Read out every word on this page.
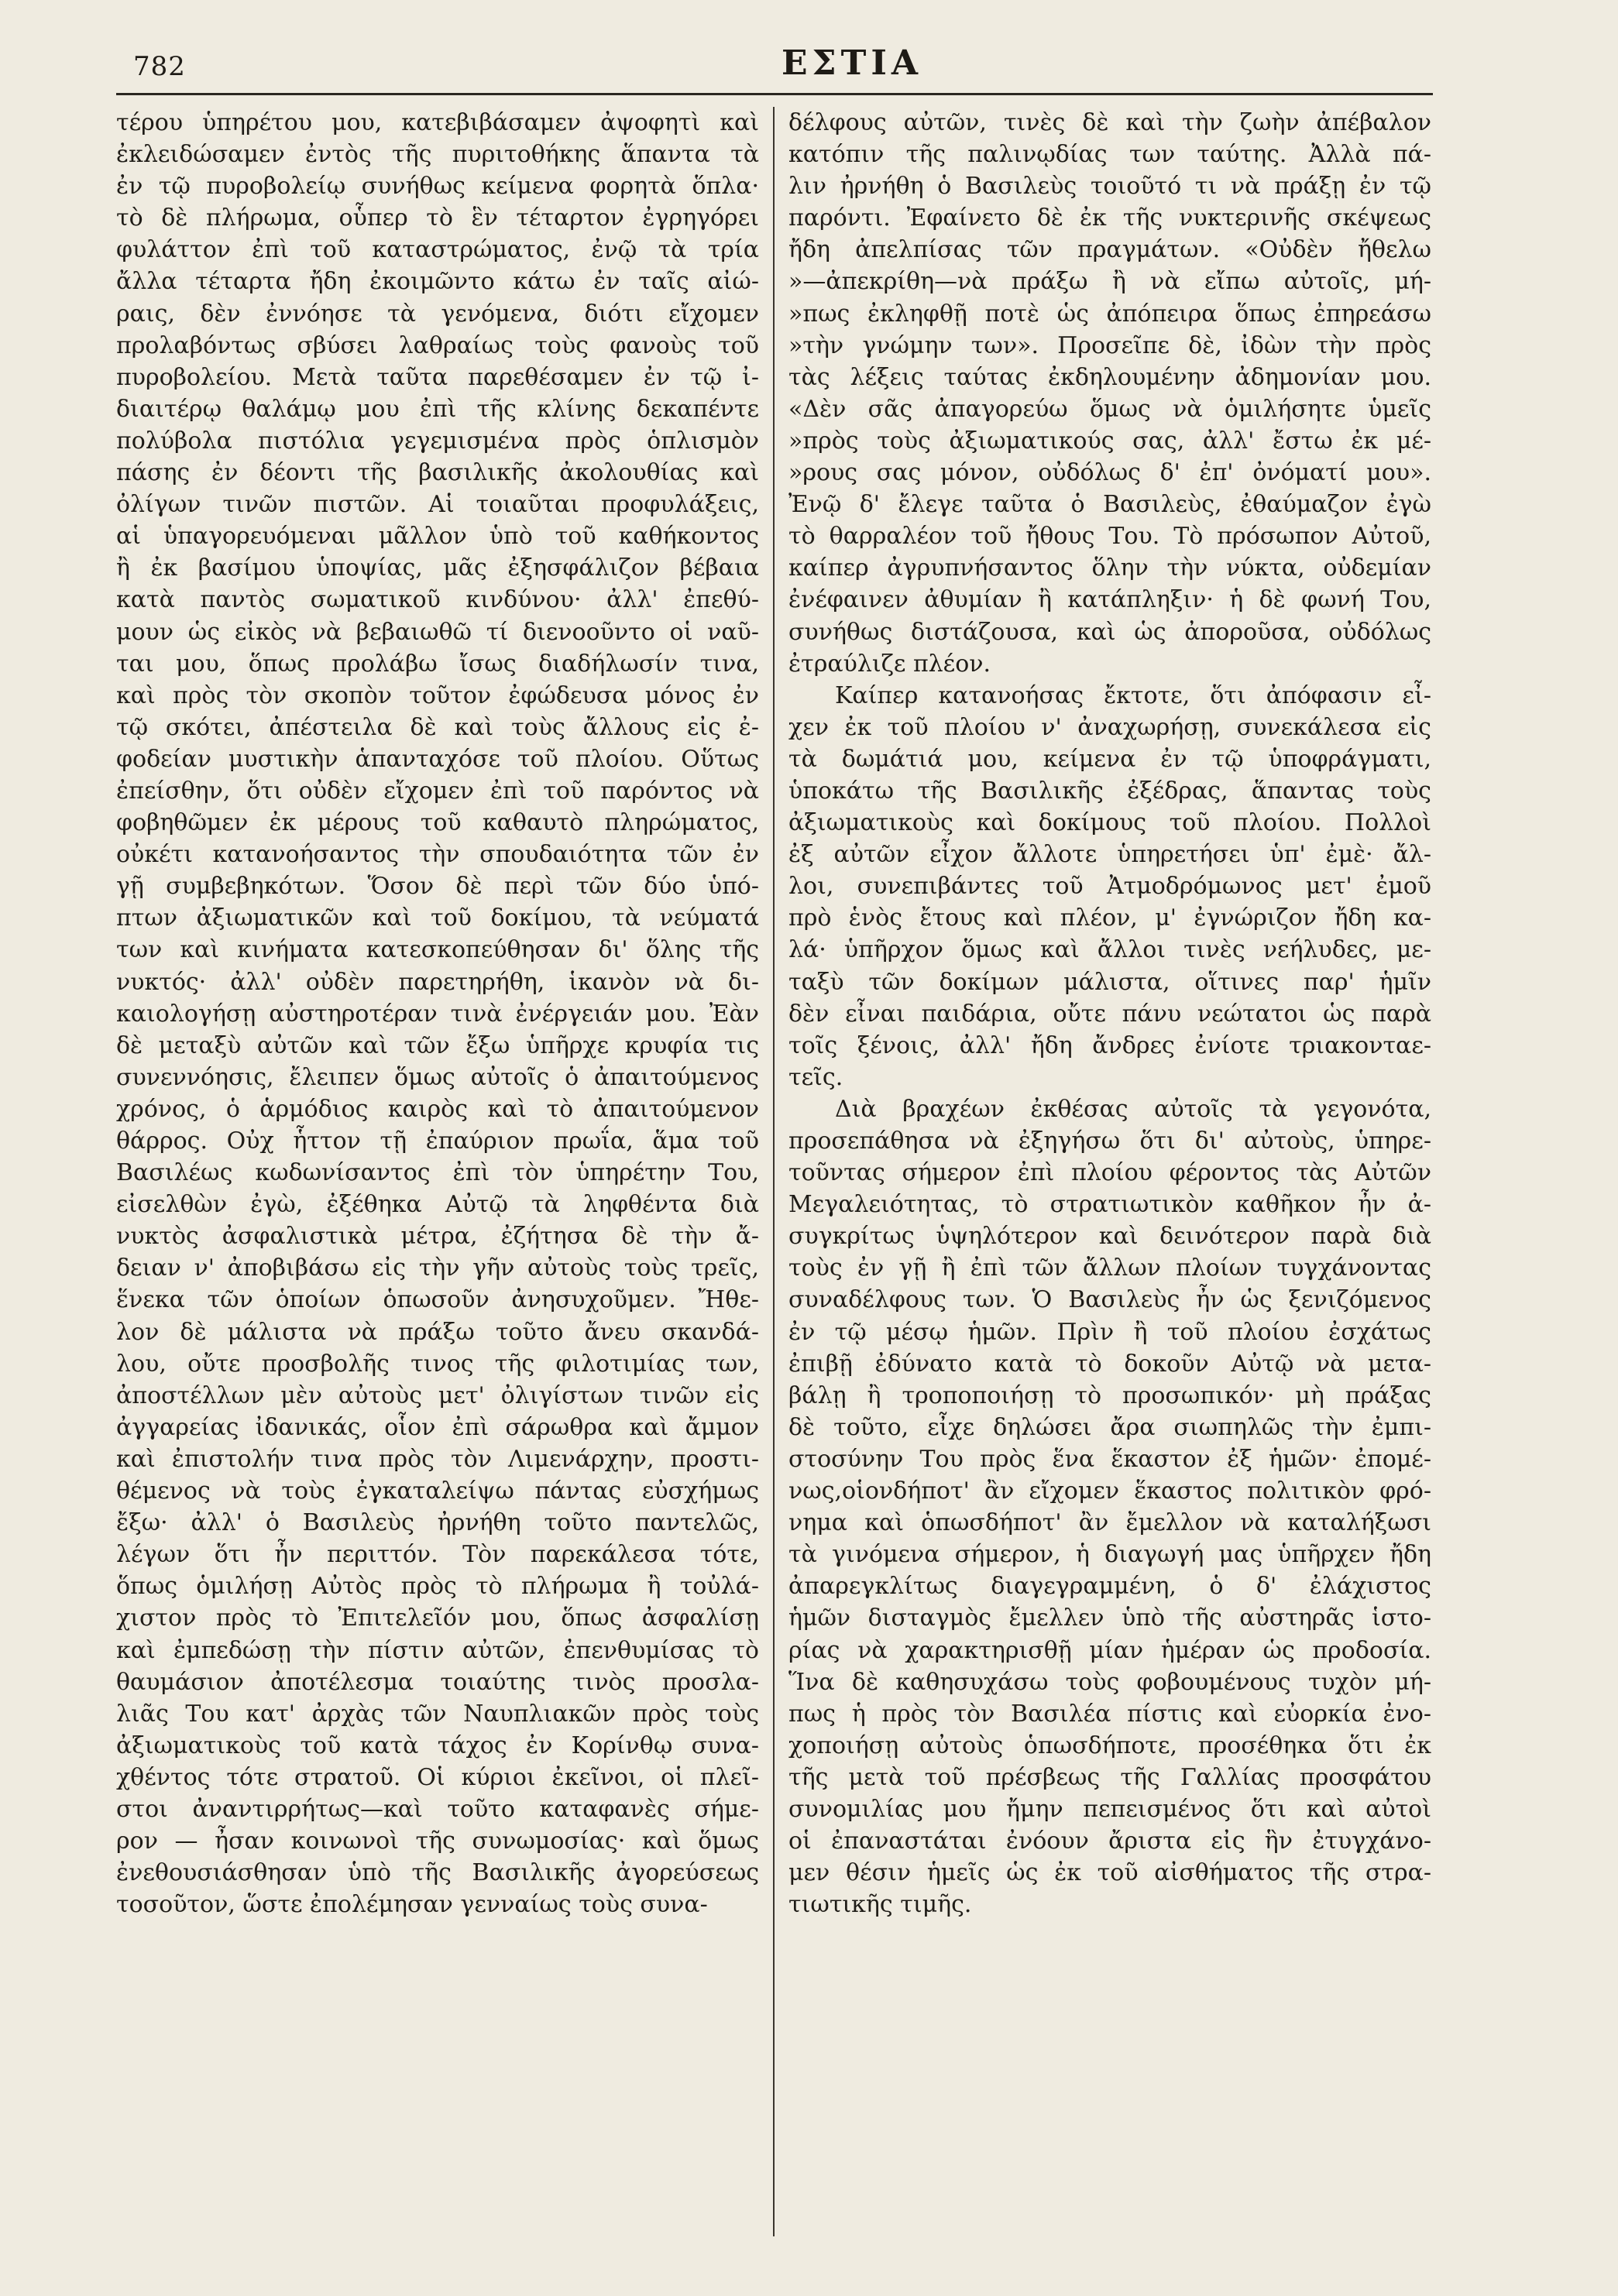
782	ΕΣΤΙΑ
τέρου ὑπηρέτου μου, κατεβιβάσαμεν ἀψοφητὶ καὶ
ἐκλειδώσαμεν ἐντὸς τῆς πυριτοθήκης ἅπαντα τὰ
ἐν τῷ πυροβολείῳ συνήθως κείμενα φορητὰ ὅπλα·
τὸ δὲ πλήρωμα, οὗπερ τὸ ἓν τέταρτον ἐγρηγόρει
φυλάττον ἐπὶ τοῦ καταστρώματος, ἐνῷ τὰ τρία
ἄλλα τέταρτα ἤδη ἐκοιμῶντο κάτω ἐν ταῖς αἰώ-
ραις, δὲν ἐννόησε τὰ γενόμενα, διότι εἴχομεν
προλαβόντως σβύσει λαθραίως τοὺς φανοὺς τοῦ
πυροβολείου. Μετὰ ταῦτα παρεθέσαμεν ἐν τῷ ἰ-
διαιτέρῳ θαλάμῳ μου ἐπὶ τῆς κλίνης δεκαπέντε
πολύβολα πιστόλια γεγεμισμένα πρὸς ὁπλισμὸν
πάσης ἐν δέοντι τῆς βασιλικῆς ἀκολουθίας καὶ
ὀλίγων τινῶν πιστῶν. Αἱ τοιαῦται προφυλάξεις,
αἱ ὑπαγορευόμεναι μᾶλλον ὑπὸ τοῦ καθήκοντος
ἢ ἐκ βασίμου ὑποψίας, μᾶς ἐξησφάλιζον βέβαια
κατὰ παντὸς σωματικοῦ κινδύνου· ἀλλ' ἐπεθύ-
μουν ὡς εἰκὸς νὰ βεβαιωθῶ τί διενοοῦντο οἱ ναῦ-
ται μου, ὅπως προλάβω ἴσως διαδήλωσίν τινα,
καὶ πρὸς τὸν σκοπὸν τοῦτον ἐφώδευσα μόνος ἐν
τῷ σκότει, ἀπέστειλα δὲ καὶ τοὺς ἄλλους εἰς ἐ-
φοδείαν μυστικὴν ἁπανταχόσε τοῦ πλοίου. Οὕτως
ἐπείσθην, ὅτι οὐδὲν εἴχομεν ἐπὶ τοῦ παρόντος νὰ
φοβηθῶμεν ἐκ μέρους τοῦ καθαυτὸ πληρώματος,
οὐκέτι κατανοήσαντος τὴν σπουδαιότητα τῶν ἐν
γῇ συμβεβηκότων. Ὅσον δὲ περὶ τῶν δύο ὑπό-
πτων ἀξιωματικῶν καὶ τοῦ δοκίμου, τὰ νεύματά
των καὶ κινήματα κατεσκοπεύθησαν δι' ὅλης τῆς
νυκτός· ἀλλ' οὐδὲν παρετηρήθη, ἱκανὸν νὰ δι-
καιολογήσῃ αὐστηροτέραν τινὰ ἐνέργειάν μου. Ἐὰν
δὲ μεταξὺ αὐτῶν καὶ τῶν ἔξω ὑπῆρχε κρυφία τις
συνεννόησις, ἔλειπεν ὅμως αὐτοῖς ὁ ἀπαιτούμενος
χρόνος, ὁ ἁρμόδιος καιρὸς καὶ τὸ ἀπαιτούμενον
θάρρος. Οὐχ ἧττον τῇ ἐπαύριον πρωΐα, ἅμα τοῦ
Βασιλέως κωδωνίσαντος ἐπὶ τὸν ὑπηρέτην Του,
εἰσελθὼν ἐγὼ, ἐξέθηκα Αὐτῷ τὰ ληφθέντα διὰ
νυκτὸς ἀσφαλιστικὰ μέτρα, ἐζήτησα δὲ τὴν ἄ-
δειαν ν' ἀποβιβάσω εἰς τὴν γῆν αὐτοὺς τοὺς τρεῖς,
ἕνεκα τῶν ὁποίων ὁπωσοῦν ἀνησυχοῦμεν. Ἤθε-
λον δὲ μάλιστα νὰ πράξω τοῦτο ἄνευ σκανδά-
λου, οὔτε προσβολῆς τινος τῆς φιλοτιμίας των,
ἀποστέλλων μὲν αὐτοὺς μετ' ὀλιγίστων τινῶν εἰς
ἀγγαρείας ἰδανικάς, οἷον ἐπὶ σάρωθρα καὶ ἄμμον
καὶ ἐπιστολήν τινα πρὸς τὸν Λιμενάρχην, προστι-
θέμενος νὰ τοὺς ἐγκαταλείψω πάντας εὐσχήμως
ἔξω· ἀλλ' ὁ Βασιλεὺς ἠρνήθη τοῦτο παντελῶς,
λέγων ὅτι ἦν περιττόν. Τὸν παρεκάλεσα τότε,
ὅπως ὁμιλήσῃ Αὐτὸς πρὸς τὸ πλήρωμα ἢ τοὐλά-
χιστον πρὸς τὸ Ἐπιτελεῖόν μου, ὅπως ἀσφαλίσῃ
καὶ ἐμπεδώσῃ τὴν πίστιν αὐτῶν, ἐπενθυμίσας τὸ
θαυμάσιον ἀποτέλεσμα τοιαύτης τινὸς προσλα-
λιᾶς Του κατ' ἀρχὰς τῶν Ναυπλιακῶν πρὸς τοὺς
ἀξιωματικοὺς τοῦ κατὰ τάχος ἐν Κορίνθῳ συνα-
χθέντος τότε στρατοῦ. Οἱ κύριοι ἐκεῖνοι, οἱ πλεῖ-
στοι ἀναντιρρήτως—καὶ τοῦτο καταφανὲς σήμε-
ρον — ἦσαν κοινωνοὶ τῆς συνωμοσίας· καὶ ὅμως
ἐνεθουσιάσθησαν ὑπὸ τῆς Βασιλικῆς ἀγορεύσεως
τοσοῦτον, ὥστε ἐπολέμησαν γενναίως τοὺς συνα-
δέλφους αὐτῶν, τινὲς δὲ καὶ τὴν ζωὴν ἀπέβαλον
κατόπιν τῆς παλινῳδίας των ταύτης. Ἀλλὰ πά-
λιν ἠρνήθη ὁ Βασιλεὺς τοιοῦτό τι νὰ πράξῃ ἐν τῷ
παρόντι. Ἐφαίνετο δὲ ἐκ τῆς νυκτερινῆς σκέψεως
ἤδη ἀπελπίσας τῶν πραγμάτων. «Οὐδὲν ἤθελω
»—ἀπεκρίθη—νὰ πράξω ἢ νὰ εἴπω αὐτοῖς, μή-
»πως ἐκληφθῇ ποτὲ ὡς ἀπόπειρα ὅπως ἐπηρεάσω
»τὴν γνώμην των». Προσεῖπε δὲ, ἰδὼν τὴν πρὸς
τὰς λέξεις ταύτας ἐκδηλουμένην ἀδημονίαν μου.
«Δὲν σᾶς ἀπαγορεύω ὅμως νὰ ὁμιλήσητε ὑμεῖς
»πρὸς τοὺς ἀξιωματικούς σας, ἀλλ' ἔστω ἐκ μέ-
»ρους σας μόνον, οὐδόλως δ' ἐπ' ὀνόματί μου».
Ἐνῷ δ' ἔλεγε ταῦτα ὁ Βασιλεὺς, ἐθαύμαζον ἐγὼ
τὸ θαρραλέον τοῦ ἤθους Του. Τὸ πρόσωπον Αὐτοῦ,
καίπερ ἀγρυπνήσαντος ὅλην τὴν νύκτα, οὐδεμίαν
ἐνέφαινεν ἀθυμίαν ἢ κατάπληξιν· ἡ δὲ φωνή Του,
συνήθως διστάζουσα, καὶ ὡς ἀποροῦσα, οὐδόλως
ἐτραύλιζε πλέον.
Καίπερ κατανοήσας ἔκτοτε, ὅτι ἀπόφασιν εἶ-
χεν ἐκ τοῦ πλοίου ν' ἀναχωρήσῃ, συνεκάλεσα εἰς
τὰ δωμάτιά μου, κείμενα ἐν τῷ ὑποφράγματι,
ὑποκάτω τῆς Βασιλικῆς ἐξέδρας, ἅπαντας τοὺς
ἀξιωματικοὺς καὶ δοκίμους τοῦ πλοίου. Πολλοὶ
ἐξ αὐτῶν εἶχον ἄλλοτε ὑπηρετήσει ὑπ' ἐμὲ· ἄλ-
λοι, συνεπιβάντες τοῦ Ἀτμοδρόμωνος μετ' ἐμοῦ
πρὸ ἑνὸς ἔτους καὶ πλέον, μ' ἐγνώριζον ἤδη κα-
λά· ὑπῆρχον ὅμως καὶ ἄλλοι τινὲς νεήλυδες, με-
ταξὺ τῶν δοκίμων μάλιστα, οἵτινες παρ' ἡμῖν
δὲν εἶναι παιδάρια, οὔτε πάνυ νεώτατοι ὡς παρὰ
τοῖς ξένοις, ἀλλ' ἤδη ἄνδρες ἐνίοτε τριακονταε-
τεῖς.
Διὰ βραχέων ἐκθέσας αὐτοῖς τὰ γεγονότα,
προσεπάθησα νὰ ἐξηγήσω ὅτι δι' αὐτοὺς, ὑπηρε-
τοῦντας σήμερον ἐπὶ πλοίου φέροντος τὰς Αὐτῶν
Μεγαλειότητας, τὸ στρατιωτικὸν καθῆκον ἦν ἀ-
συγκρίτως ὑψηλότερον καὶ δεινότερον παρὰ διὰ
τοὺς ἐν γῇ ἢ ἐπὶ τῶν ἄλλων πλοίων τυγχάνοντας
συναδέλφους των. Ὁ Βασιλεὺς ἦν ὡς ξενιζόμενος
ἐν τῷ μέσῳ ἡμῶν. Πρὶν ἢ τοῦ πλοίου ἐσχάτως
ἐπιβῇ ἐδύνατο κατὰ τὸ δοκοῦν Αὐτῷ νὰ μετα-
βάλῃ ἢ τροποποιήσῃ τὸ προσωπικόν· μὴ πράξας
δὲ τοῦτο, εἶχε δηλώσει ἄρα σιωπηλῶς τὴν ἐμπι-
στοσύνην Του πρὸς ἕνα ἕκαστον ἐξ ἡμῶν· ἐπομέ-
νως,οἱονδήποτ' ἂν εἴχομεν ἕκαστος πολιτικὸν φρό-
νημα καὶ ὁπωσδήποτ' ἂν ἔμελλον νὰ καταλήξωσι
τὰ γινόμενα σήμερον, ἡ διαγωγή μας ὑπῆρχεν ἤδη
ἀπαρεγκλίτως διαγεγραμμένη, ὁ δ' ἐλάχιστος
ἡμῶν δισταγμὸς ἔμελλεν ὑπὸ τῆς αὐστηρᾶς ἱστο-
ρίας νὰ χαρακτηρισθῇ μίαν ἡμέραν ὡς προδοσία.
Ἵνα δὲ καθησυχάσω τοὺς φοβουμένους τυχὸν μή-
πως ἡ πρὸς τὸν Βασιλέα πίστις καὶ εὐορκία ἐνο-
χοποιήσῃ αὐτοὺς ὁπωσδήποτε, προσέθηκα ὅτι ἐκ
τῆς μετὰ τοῦ πρέσβεως τῆς Γαλλίας προσφάτου
συνομιλίας μου ἤμην πεπεισμένος ὅτι καὶ αὐτοὶ
οἱ ἐπαναστάται ἐνόουν ἄριστα εἰς ἣν ἐτυγχάνο-
μεν θέσιν ἡμεῖς ὡς ἐκ τοῦ αἰσθήματος τῆς στρα-
τιωτικῆς τιμῆς.
